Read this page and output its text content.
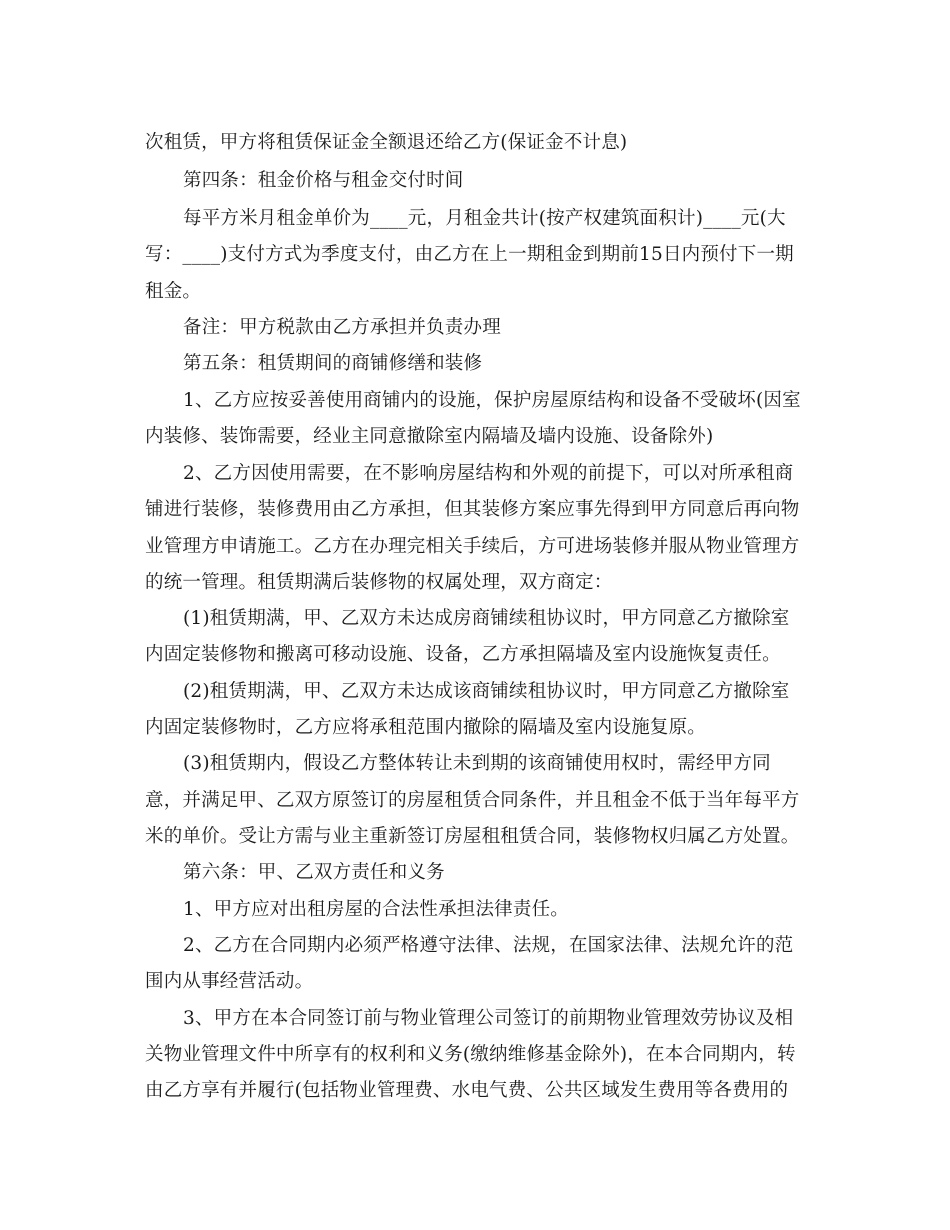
次租赁，甲方将租赁保证金全额退还给乙方(保证金不计息)

第四条：租金价格与租金交付时间

每平方米月租金单价为____元，月租金共计(按产权建筑面积计)____元(大

写：____)支付方式为季度支付，由乙方在上一期租金到期前15日内预付下一期

租金。

备注：甲方税款由乙方承担并负责办理

第五条：租赁期间的商铺修缮和装修

1、乙方应按妥善使用商铺内的设施，保护房屋原结构和设备不受破坏(因室

内装修、装饰需要，经业主同意撤除室内隔墙及墙内设施、设备除外)

2、乙方因使用需要，在不影响房屋结构和外观的前提下，可以对所承租商

铺进行装修，装修费用由乙方承担，但其装修方案应事先得到甲方同意后再向物

业管理方申请施工。乙方在办理完相关手续后，方可进场装修并服从物业管理方

的统一管理。租赁期满后装修物的权属处理，双方商定：

(1)租赁期满，甲、乙双方未达成房商铺续租协议时，甲方同意乙方撤除室

内固定装修物和搬离可移动设施、设备，乙方承担隔墙及室内设施恢复责任。

(2)租赁期满，甲、乙双方未达成该商铺续租协议时，甲方同意乙方撤除室

内固定装修物时，乙方应将承租范围内撤除的隔墙及室内设施复原。

(3)租赁期内，假设乙方整体转让未到期的该商铺使用权时，需经甲方同

意，并满足甲、乙双方原签订的房屋租赁合同条件，并且租金不低于当年每平方

米的单价。受让方需与业主重新签订房屋租租赁合同，装修物权归属乙方处置。

第六条：甲、乙双方责任和义务

1、甲方应对出租房屋的合法性承担法律责任。

2、乙方在合同期内必须严格遵守法律、法规，在国家法律、法规允许的范

围内从事经营活动。

3、甲方在本合同签订前与物业管理公司签订的前期物业管理效劳协议及相

关物业管理文件中所享有的权利和义务(缴纳维修基金除外)，在本合同期内，转

由乙方享有并履行(包括物业管理费、水电气费、公共区域发生费用等各费用的
